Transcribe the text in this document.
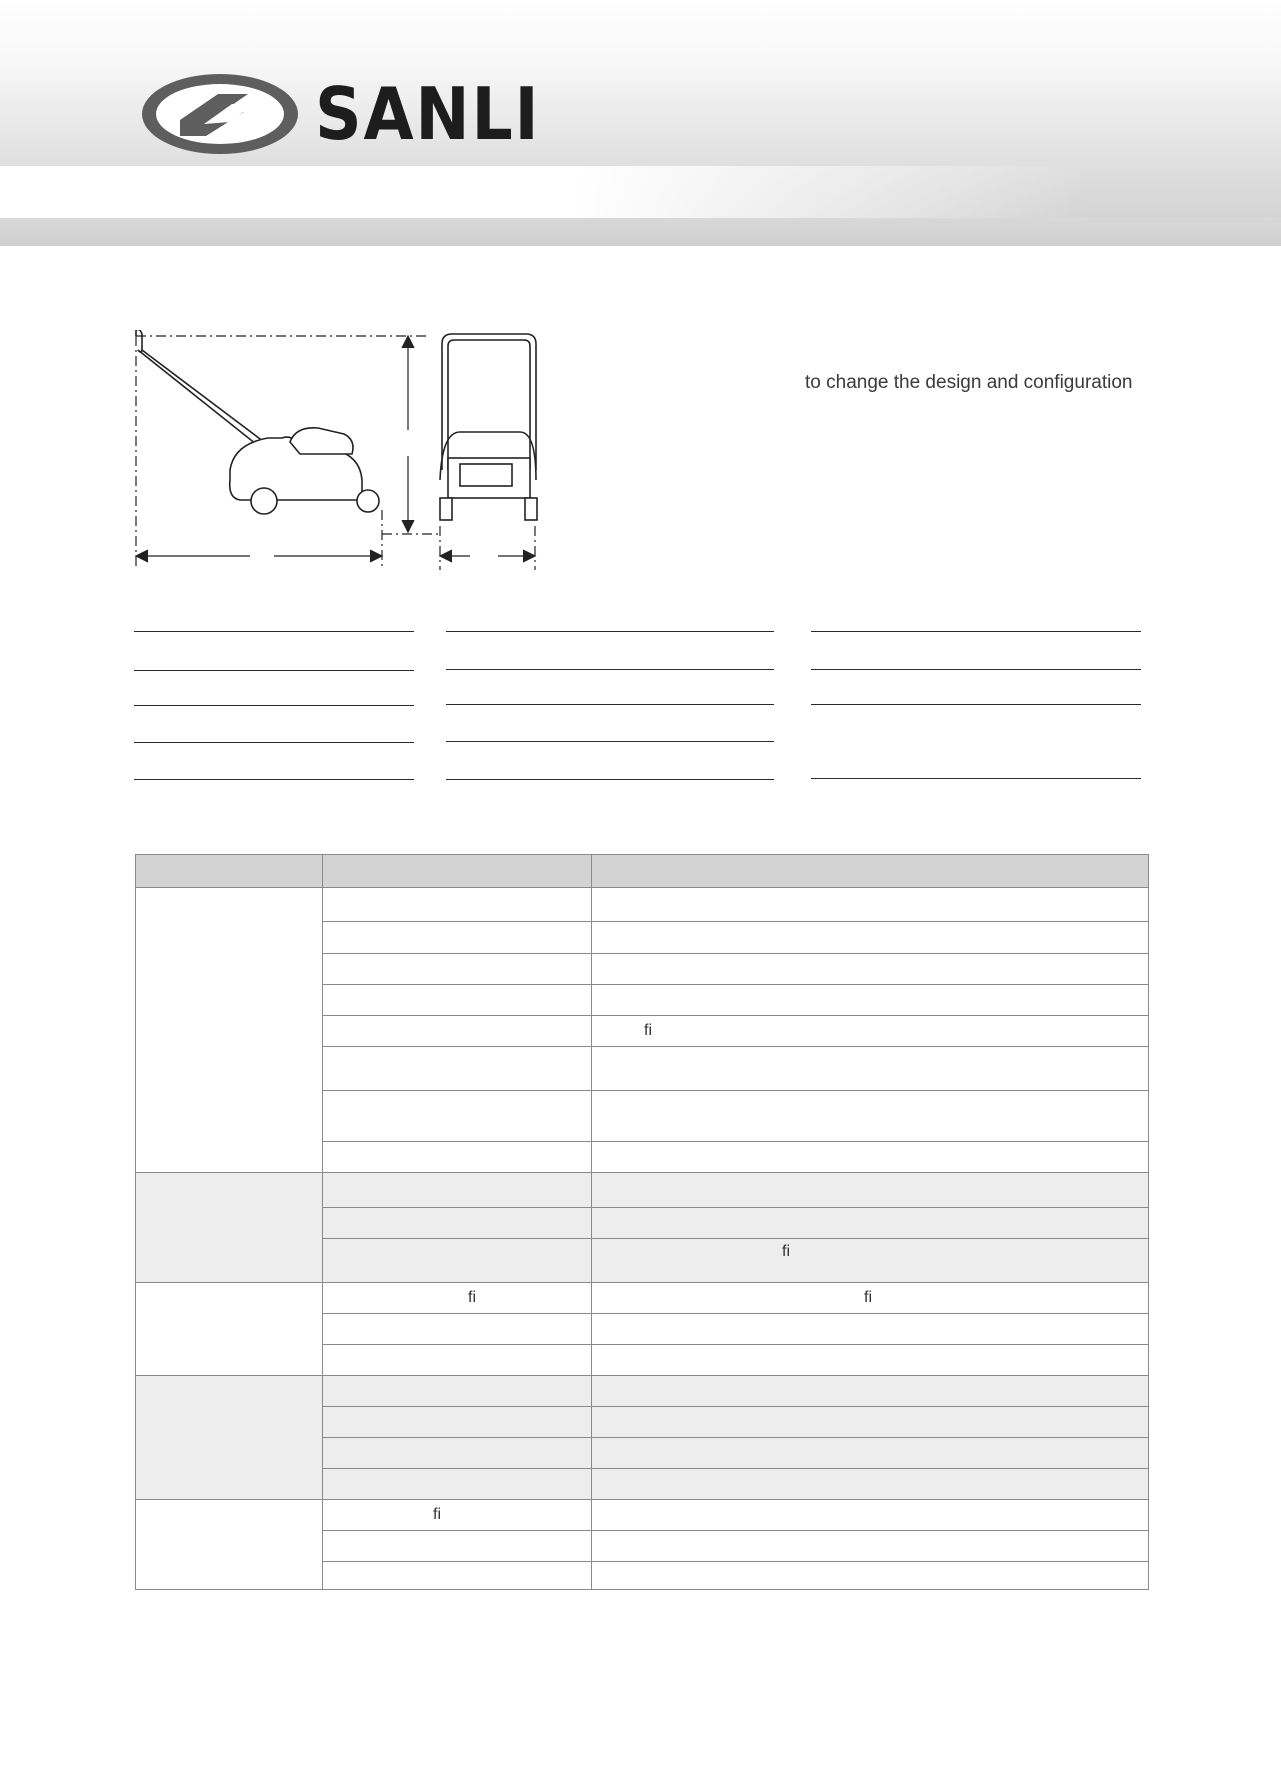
SANLI
to change the design and configuration

		fi

		fi
	fi	fi

	fi	
